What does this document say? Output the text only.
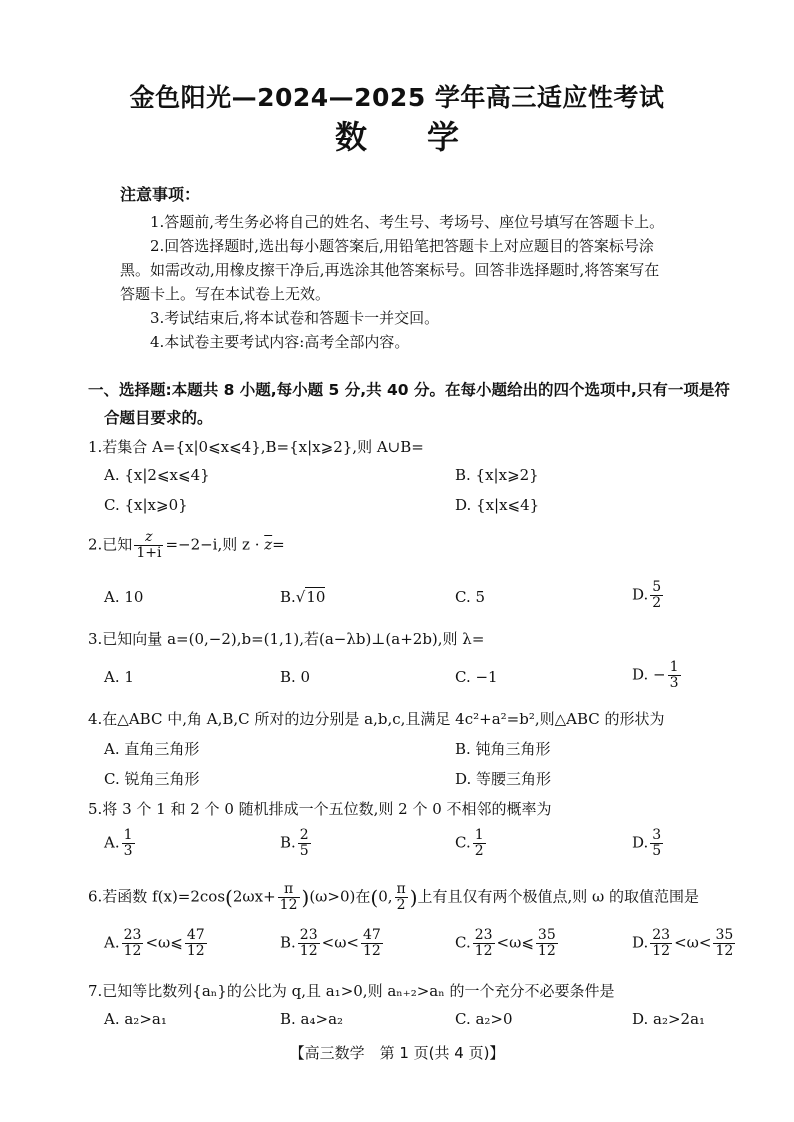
金色阳光—2024—2025 学年高三适应性考试
数学
注意事项：
1.答题前,考生务必将自己的姓名、考生号、考场号、座位号填写在答题卡上。
2.回答选择题时,选出每小题答案后,用铅笔把答题卡上对应题目的答案标号涂
黑。如需改动,用橡皮擦干净后,再选涂其他答案标号。回答非选择题时,将答案写在
答题卡上。写在本试卷上无效。
3.考试结束后,将本试卷和答题卡一并交回。
4.本试卷主要考试内容:高考全部内容。
一、选择题:本题共 8 小题,每小题 5 分,共 40 分。在每小题给出的四个选项中,只有一项是符
合题目要求的。
1.若集合 A={x|0⩽x⩽4},B={x|x⩾2},则 A∪B=
A. {x|2⩽x⩽4}	B. {x|x⩾2}
C. {x|x⩾0}	D. {x|x⩽4}
2.已知 $\frac{z}{1+i} =-2-i$,则 $z \cdot \overline{z}=$
A. 10	B.√10	C. 5	D. $\frac{5}{2}$
3.已知向量 a=(0,−2),b=(1,1),若(a−λb)⊥(a+2b),则 λ=
A. 1	B. 0	C. −1	D. − $\frac{1}{3}$
4.在△ABC 中,角 A,B,C 所对的边分别是 a,b,c,且满足 4c²+a²=b²,则△ABC 的形状为
A. 直角三角形	B. 钝角三角形
C. 锐角三角形	D. 等腰三角形
5.将 3 个 1 和 2 个 0 随机排成一个五位数,则 2 个 0 不相邻的概率为
A. $\frac{1}{3}$	B. $\frac{2}{5}$	C. $\frac{1}{2}$	D. $\frac{3}{5}$
6.若函数 $f(x)=2\cos(2\omega x+ \frac{\pi}{12} )(\omega>0)$在(0, $\frac{\pi}{2}$ )上有且仅有两个极值点,则 ω 的取值范围是
A. $\frac{23}{12}$ <ω⩽ $\frac{47}{12}$	B. $\frac{23}{12} <\omega< \frac{47}{12}$	C. $\frac{23}{12}$ <ω⩽ $\frac{35}{12}$	D. $\frac{23}{12} <\omega< \frac{35}{12}$
7.已知等比数列{aₙ}的公比为 q,且 a₁>0,则 aₙ₊₂>aₙ 的一个充分不必要条件是
A. a₂>a₁	B. a₄>a₂	C. a₂>0	D. a₂>2a₁
【高三数学　第 1 页(共 4 页)】
